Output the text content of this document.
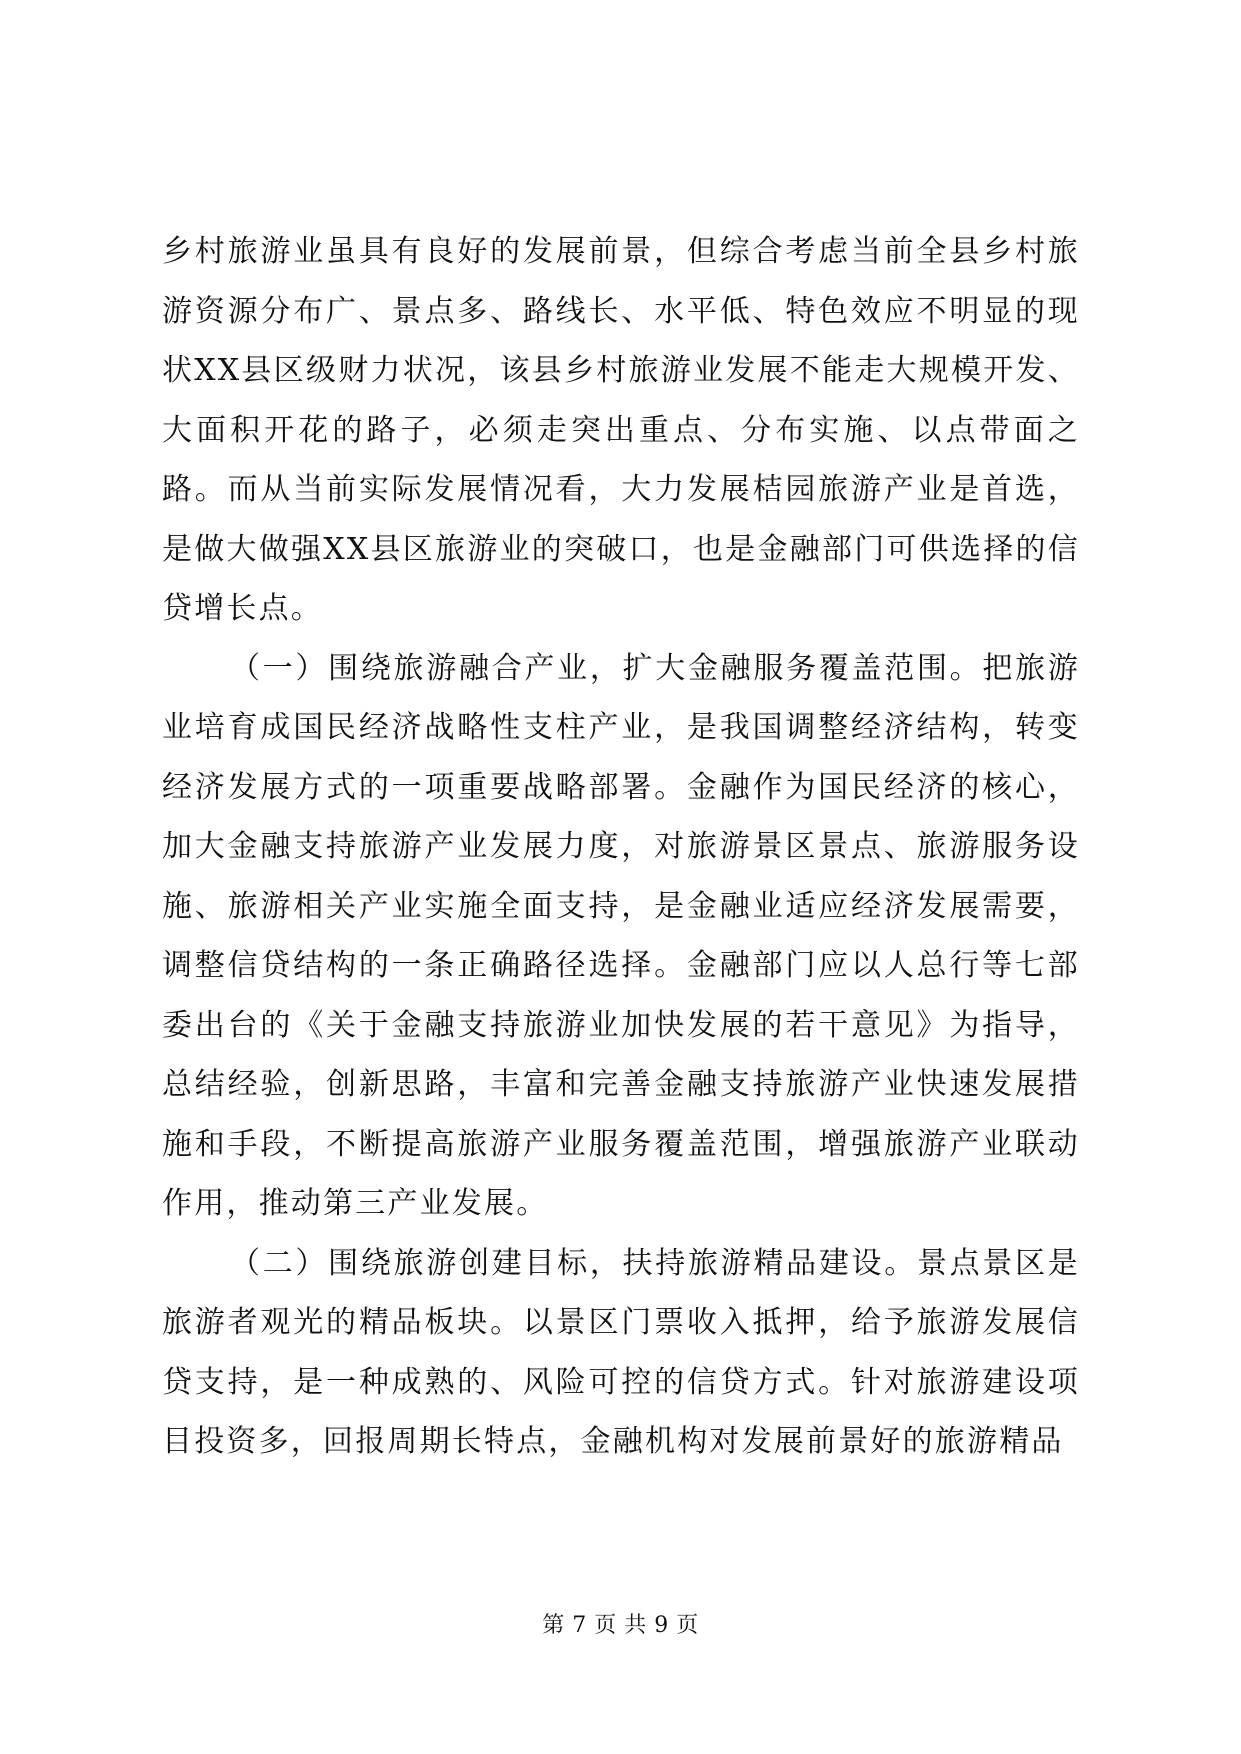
乡村旅游业虽具有良好的发展前景，但综合考虑当前全县乡村旅游资源分布广、景点多、路线长、水平低、特色效应不明显的现状XX县区级财力状况，该县乡村旅游业发展不能走大规模开发、大面积开花的路子，必须走突出重点、分布实施、以点带面之路。而从当前实际发展情况看，大力发展桔园旅游产业是首选，是做大做强XX县区旅游业的突破口，也是金融部门可供选择的信贷增长点。

（一）围绕旅游融合产业，扩大金融服务覆盖范围。把旅游业培育成国民经济战略性支柱产业，是我国调整经济结构，转变经济发展方式的一项重要战略部署。金融作为国民经济的核心，加大金融支持旅游产业发展力度，对旅游景区景点、旅游服务设施、旅游相关产业实施全面支持，是金融业适应经济发展需要，调整信贷结构的一条正确路径选择。金融部门应以人总行等七部委出台的《关于金融支持旅游业加快发展的若干意见》为指导，总结经验，创新思路，丰富和完善金融支持旅游产业快速发展措施和手段，不断提高旅游产业服务覆盖范围，增强旅游产业联动作用，推动第三产业发展。

（二）围绕旅游创建目标，扶持旅游精品建设。景点景区是旅游者观光的精品板块。以景区门票收入抵押，给予旅游发展信贷支持，是一种成熟的、风险可控的信贷方式。针对旅游建设项目投资多，回报周期长特点，金融机构对发展前景好的旅游精品

第 7 页 共 9 页
